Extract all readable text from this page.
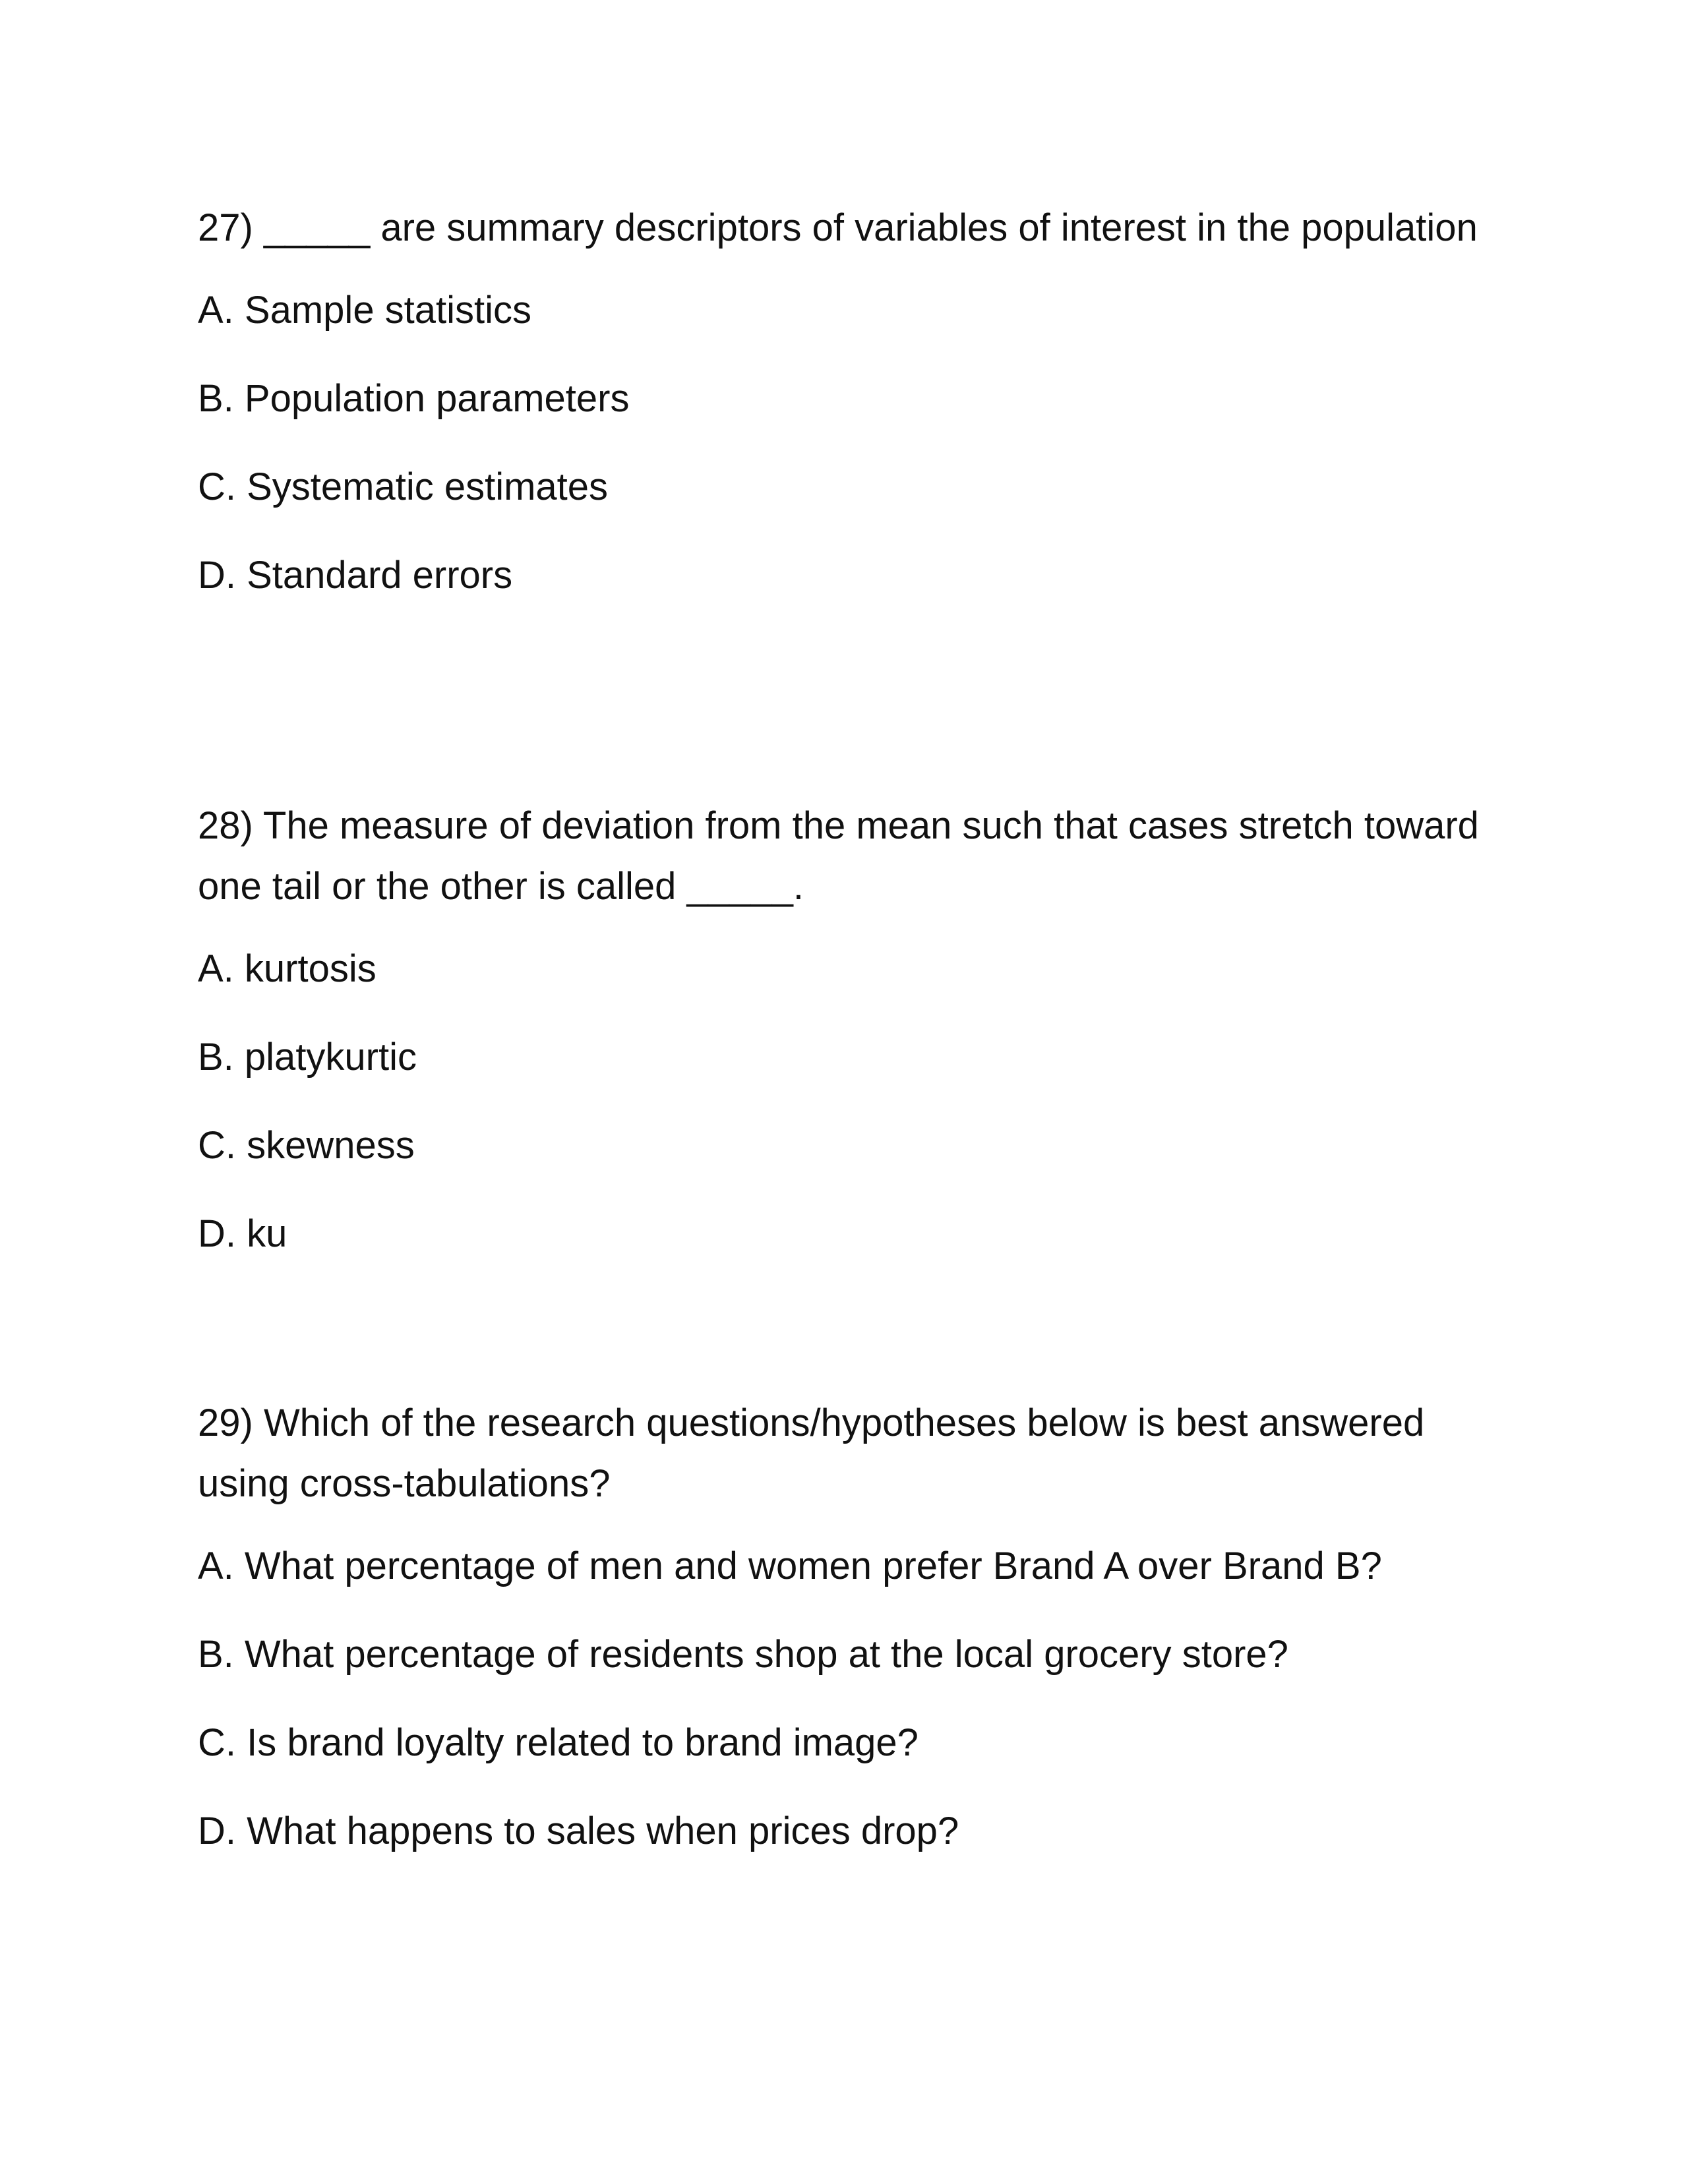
27) _____ are summary descriptors of variables of interest in the population

A. Sample statistics
B. Population parameters
C. Systematic estimates
D. Standard errors

28) The measure of deviation from the mean such that cases stretch toward one tail or the other is called _____.

A. kurtosis
B. platykurtic
C. skewness
D. ku

29) Which of the research questions/hypotheses below is best answered using cross-tabulations?

A. What percentage of men and women prefer Brand A over Brand B?
B. What percentage of residents shop at the local grocery store?
C. Is brand loyalty related to brand image?
D. What happens to sales when prices drop?
